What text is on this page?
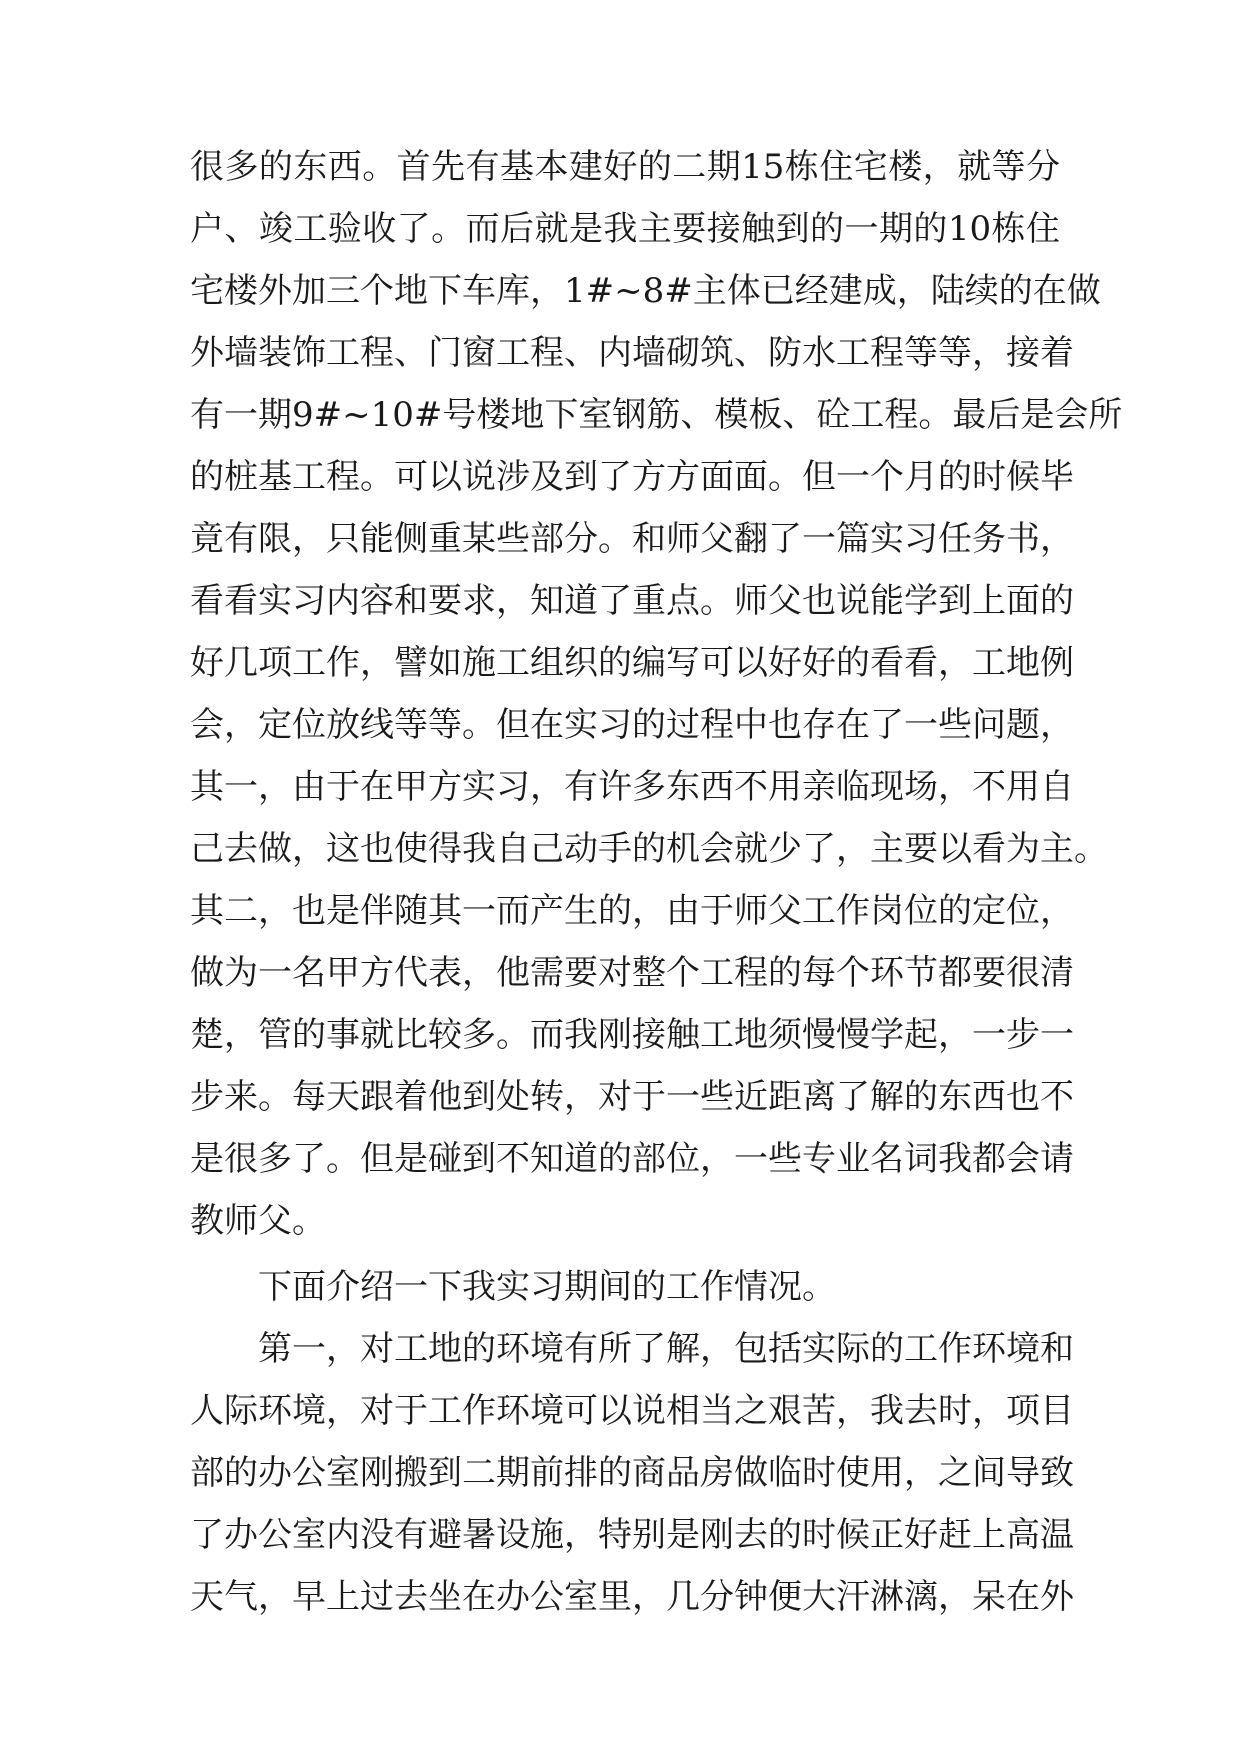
很多的东西。首先有基本建好的二期15栋住宅楼，就等分
户、竣工验收了。而后就是我主要接触到的一期的10栋住
宅楼外加三个地下车库，1#~8#主体已经建成，陆续的在做
外墙装饰工程、门窗工程、内墙砌筑、防水工程等等，接着
有一期9#~10#号楼地下室钢筋、模板、砼工程。最后是会所
的桩基工程。可以说涉及到了方方面面。但一个月的时候毕
竟有限，只能侧重某些部分。和师父翻了一篇实习任务书，
看看实习内容和要求，知道了重点。师父也说能学到上面的
好几项工作，譬如施工组织的编写可以好好的看看，工地例
会，定位放线等等。但在实习的过程中也存在了一些问题，
其一，由于在甲方实习，有许多东西不用亲临现场，不用自
己去做，这也使得我自己动手的机会就少了，主要以看为主。
其二，也是伴随其一而产生的，由于师父工作岗位的定位，
做为一名甲方代表，他需要对整个工程的每个环节都要很清
楚，管的事就比较多。而我刚接触工地须慢慢学起，一步一
步来。每天跟着他到处转，对于一些近距离了解的东西也不
是很多了。但是碰到不知道的部位，一些专业名词我都会请
教师父。
下面介绍一下我实习期间的工作情况。
第一，对工地的环境有所了解，包括实际的工作环境和
人际环境，对于工作环境可以说相当之艰苦，我去时，项目
部的办公室刚搬到二期前排的商品房做临时使用，之间导致
了办公室内没有避暑设施，特别是刚去的时候正好赶上高温
天气，早上过去坐在办公室里，几分钟便大汗淋漓，呆在外
